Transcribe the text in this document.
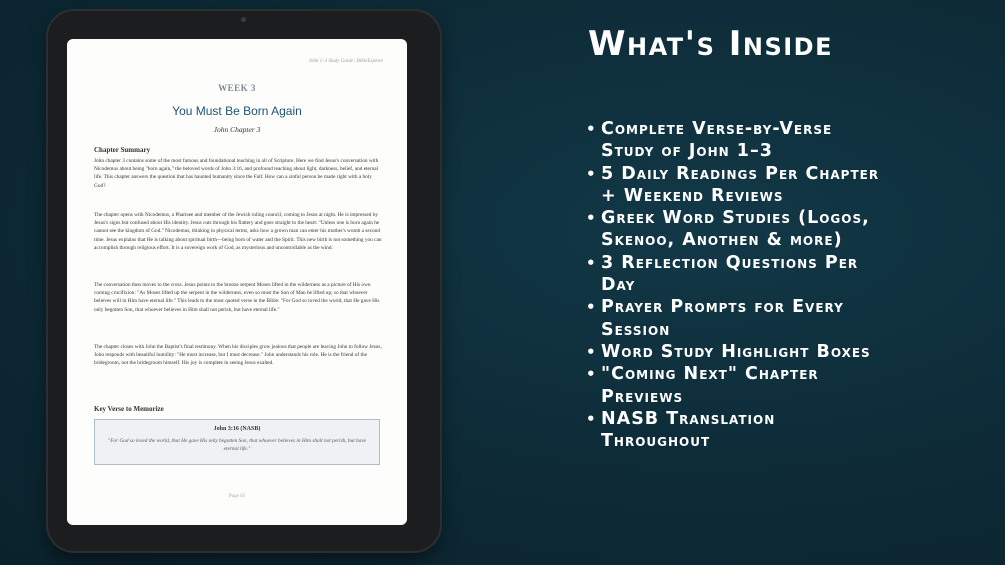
John 1–3 Study Guide | BibleExplore
WEEK 3
You Must Be Born Again
John Chapter 3
Chapter Summary

John chapter 3 contains some of the most famous and foundational teaching in all of Scripture. Here we find Jesus's conversation with Nicodemus about being "born again," the beloved words of John 3:16, and profound teaching about light, darkness, belief, and eternal life. This chapter answers the question that has haunted humanity since the Fall: How can a sinful person be made right with a holy God?

The chapter opens with Nicodemus, a Pharisee and member of the Jewish ruling council, coming to Jesus at night. He is impressed by Jesus's signs but confused about His identity. Jesus cuts through his flattery and goes straight to the heart: "Unless one is born again he cannot see the kingdom of God." Nicodemus, thinking in physical terms, asks how a grown man can enter his mother's womb a second time. Jesus explains that He is talking about spiritual birth—being born of water and the Spirit. This new birth is not something you can accomplish through religious effort. It is a sovereign work of God, as mysterious and uncontrollable as the wind.

The conversation then moves to the cross. Jesus points to the bronze serpent Moses lifted in the wilderness as a picture of His own coming crucifixion: "As Moses lifted up the serpent in the wilderness, even so must the Son of Man be lifted up; so that whoever believes will in Him have eternal life." This leads to the most quoted verse in the Bible: "For God so loved the world, that He gave His only begotten Son, that whoever believes in Him shall not perish, but have eternal life."

The chapter closes with John the Baptist's final testimony. When his disciples grow jealous that people are leaving John to follow Jesus, John responds with beautiful humility: "He must increase, but I must decrease." John understands his role. He is the friend of the bridegroom, not the bridegroom himself. His joy is complete in seeing Jesus exalted.

Key Verse to Memorize
John 3:16 (NASB)
"For God so loved the world, that He gave His only begotten Son, that whoever believes in Him shall not perish, but have eternal life."
Page 65
What's Inside
• Complete Verse-by-Verse Study of John 1–3
• 5 Daily Readings Per Chapter + Weekend Reviews
• Greek Word Studies (Logos, Skenoo, Anothen & more)
• 3 Reflection Questions Per Day
• Prayer Prompts for Every Session
• Word Study Highlight Boxes
• "Coming Next" Chapter Previews
• NASB Translation Throughout
